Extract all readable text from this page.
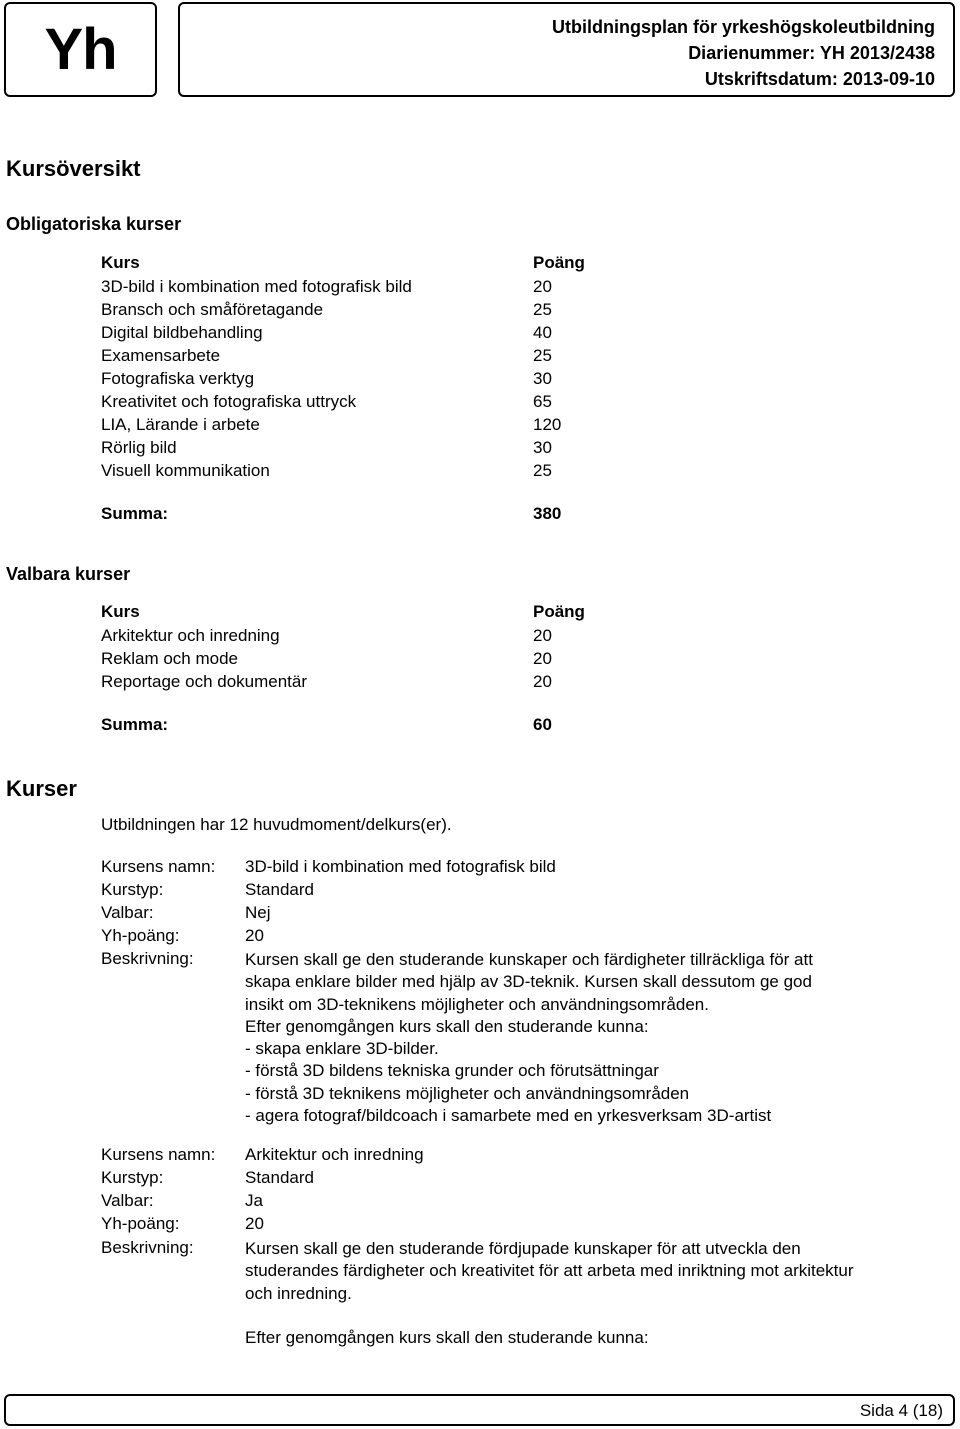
Yh	Utbildningsplan för yrkeshögskoleutbildning
Diarienummer: YH 2013/2438
Utskriftsdatum: 2013-09-10
Kursöversikt
Obligatoriska kurser
Kurs	Poäng
3D-bild i kombination med fotografisk bild	20
Bransch och småföretagande	25
Digital bildbehandling	40
Examensarbete	25
Fotografiska verktyg	30
Kreativitet och fotografiska uttryck	65
LIA, Lärande i arbete	120
Rörlig bild	30
Visuell kommunikation	25
Summa:	380
Valbara kurser
Kurs	Poäng
Arkitektur och inredning	20
Reklam och mode	20
Reportage och dokumentär	20
Summa:	60
Kurser
Utbildningen har 12 huvudmoment/delkurs(er).
Kursens namn: 3D-bild i kombination med fotografisk bild
Kurstyp:	Standard
Valbar:	Nej
Yh-poäng:	20
Beskrivning:	Kursen skall ge den studerande kunskaper och färdigheter tillräckliga för att
skapa enklare bilder med hjälp av 3D-teknik. Kursen skall dessutom ge god
insikt om 3D-teknikens möjligheter och användningsområden.
Efter genomgången kurs skall den studerande kunna:
- skapa enklare 3D-bilder.
- förstå 3D bildens tekniska grunder och förutsättningar
- förstå 3D teknikens möjligheter och användningsområden
- agera fotograf/bildcoach i samarbete med en yrkesverksam 3D-artist
Kursens namn: Arkitektur och inredning
Kurstyp:	Standard
Valbar:	Ja
Yh-poäng:	20
Beskrivning:	Kursen skall ge den studerande fördjupade kunskaper för att utveckla den
studerandes färdigheter och kreativitet för att arbeta med inriktning mot arkitektur
och inredning.
Efter genomgången kurs skall den studerande kunna:
Sida 4 (18)
